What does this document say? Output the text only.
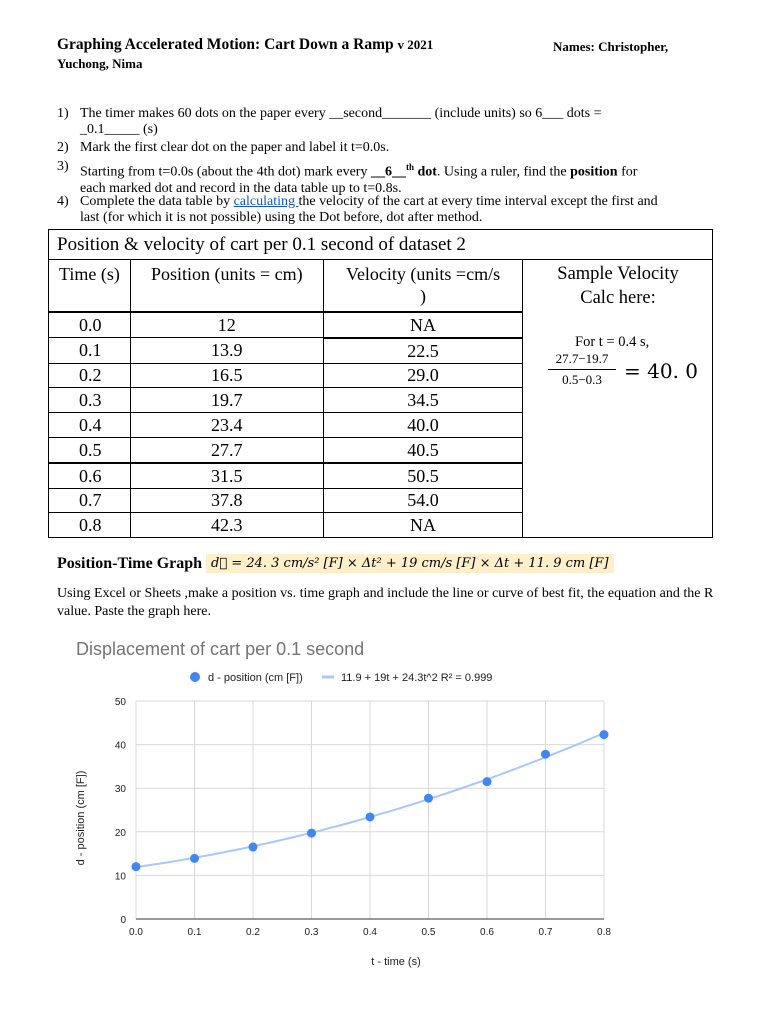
Graphing Accelerated Motion: Cart Down a Ramp v 2021	Names: Christopher,
Yuchong, Nima
1) The timer makes 60 dots on the paper every __second_______ (include units) so 6___ dots =
_0.1_____ (s)
2) Mark the first clear dot on the paper and label it t=0.0s.
3) Starting from t=0.0s (about the 4th dot) mark every __6__$^{th}$ dot. Using a ruler, find the position for
each marked dot and record in the data table up to t=0.8s.
4) Complete the data table by calculating the velocity of the cart at every time interval except the first and
last (for which it is not possible) using the Dot before, dot after method.
Position & velocity of cart per 0.1 second of dataset 2			
Time (s)	Position (units = cm)	Velocity (units =cm/s
)	

0.0	12	NA	
0.1	13.9	22.5	
0.2	16.5	29.0	
0.3	19.7	34.5	
0.4	23.4	40.0	
0.5	27.7	40.5	
0.6	31.5	50.5	
0.7	37.8	54.0	
0.8	42.3	NA	
Sample Velocity
Calc here:
For t = 0.4 s,
27.7−19.7
0.5−0.3	= 40. 0
Position-Time Graph d⃗ = 24. 3 cm/s² [F] × Δt² + 19 cm/s [F] × Δt + 11. 9 cm [F]
Using Excel or Sheets ,make a position vs. time graph and include the line or curve of best fit, the equation and the R value. Paste the graph here.
Displacement of cart per 0.1 second
d - position (cm [F])	11.9 + 19t + 24.3t^2 R² = 0.999
0.0	0.1	0.2	0.3	0.4	0.5	0.6	0.7	0.8
0
10
20
30
40
50
t - time (s)
d - position (cm [F])
